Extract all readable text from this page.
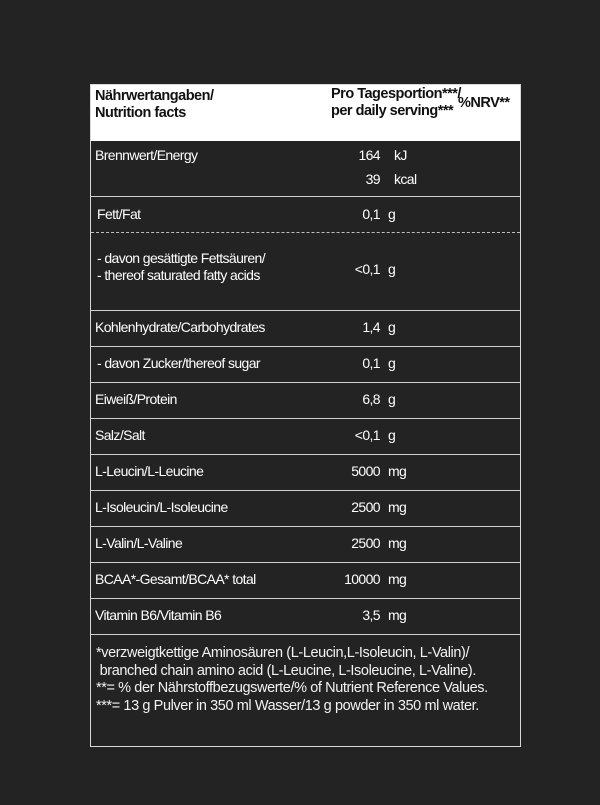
Nährwertangaben/
Nutrition facts
Pro Tagesportion***/
per daily serving*** %NRV**
Brennwert/Energy	164 kJ
39 kcal
Fett/Fat	0,1 g
- davon gesättigte Fettsäuren/
- thereof saturated fatty acids	<0,1 g
Kohlenhydrate/Carbohydrates	1,4 g
- davon Zucker/thereof sugar	0,1 g
Eiweiß/Protein	6,8 g
Salz/Salt	<0,1 g
L-Leucin/L-Leucine	5000 mg
L-Isoleucin/L-Isoleucine	2500 mg
L-Valin/L-Valine	2500 mg
BCAA*-Gesamt/BCAA* total	10000 mg
Vitamin B6/Vitamin B6	3,5 mg
*verzweigtkettige Aminosäuren (L-Leucin,L-Isoleucin, L-Valin)/
branched chain amino acid (L-Leucine, L-Isoleucine, L-Valine).
**= % der Nährstoffbezugswerte/% of Nutrient Reference Values.
***= 13 g Pulver in 350 ml Wasser/13 g powder in 350 ml water.
